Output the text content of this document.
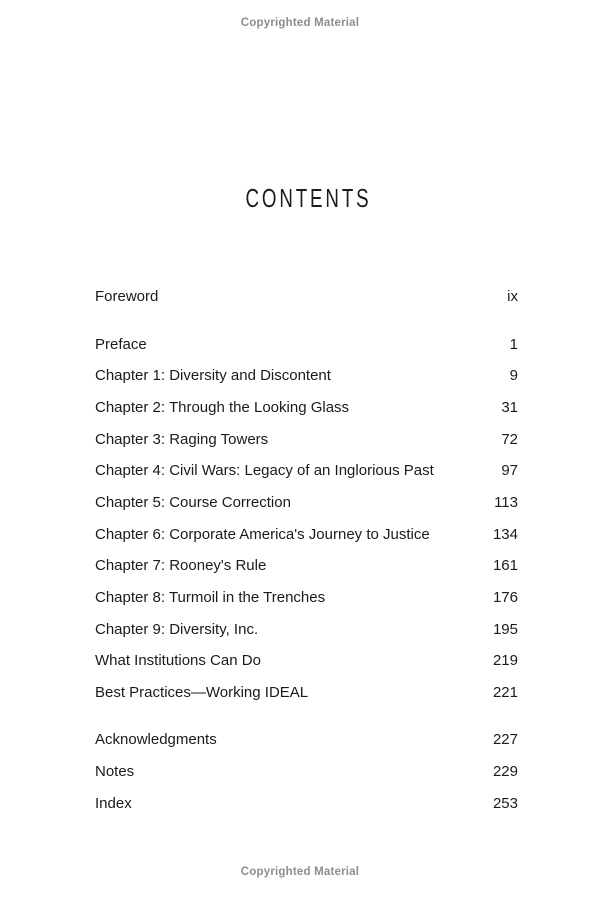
Copyrighted Material
CONTENTS
Foreword	ix
Preface	1
Chapter 1: Diversity and Discontent	9
Chapter 2: Through the Looking Glass	31
Chapter 3: Raging Towers	72
Chapter 4: Civil Wars: Legacy of an Inglorious Past	97
Chapter 5: Course Correction	113
Chapter 6: Corporate America's Journey to Justice	134
Chapter 7: Rooney's Rule	161
Chapter 8: Turmoil in the Trenches	176
Chapter 9: Diversity, Inc.	195
What Institutions Can Do	219
Best Practices—Working IDEAL	221
Acknowledgments	227
Notes	229
Index	253
Copyrighted Material
